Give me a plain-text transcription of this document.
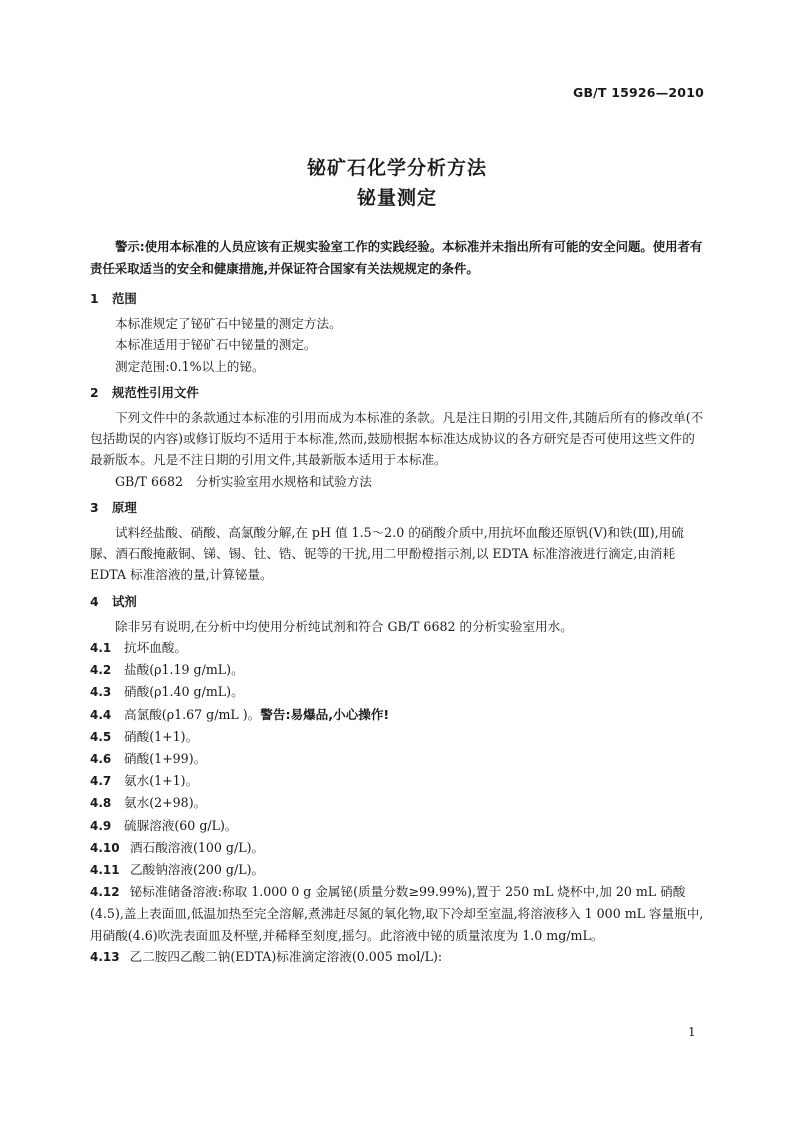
GB/T 15926—2010
铋矿石化学分析方法
铋量测定

警示:使用本标准的人员应该有正规实验室工作的实践经验。本标准并未指出所有可能的安全问题。使用者有责任采取适当的安全和健康措施,并保证符合国家有关法规规定的条件。

1 范围

本标准规定了铋矿石中铋量的测定方法。

本标准适用于铋矿石中铋量的测定。

测定范围:0.1%以上的铋。

2 规范性引用文件

下列文件中的条款通过本标准的引用而成为本标准的条款。凡是注日期的引用文件,其随后所有的修改单(不包括勘误的内容)或修订版均不适用于本标准,然而,鼓励根据本标准达成协议的各方研究是否可使用这些文件的最新版本。凡是不注日期的引用文件,其最新版本适用于本标准。

GB/T 6682　分析实验室用水规格和试验方法

3 原理

试料经盐酸、硝酸、高氯酸分解,在 pH 值 1.5～2.0 的硝酸介质中,用抗坏血酸还原钒(Ⅴ)和铁(Ⅲ),用硫脲、酒石酸掩蔽铜、锑、锡、钍、锆、铌等的干扰,用二甲酚橙指示剂,以 EDTA 标准溶液进行滴定,由消耗 EDTA 标准溶液的量,计算铋量。

4 试剂

除非另有说明,在分析中均使用分析纯试剂和符合 GB/T 6682 的分析实验室用水。

4.1 抗坏血酸。

4.2 盐酸(ρ1.19 g/mL)。

4.3 硝酸(ρ1.40 g/mL)。

4.4 高氯酸(ρ1.67 g/mL )。警告:易爆品,小心操作!

4.5 硝酸(1+1)。

4.6 硝酸(1+99)。

4.7 氨水(1+1)。

4.8 氨水(2+98)。

4.9 硫脲溶液(60 g/L)。

4.10 酒石酸溶液(100 g/L)。

4.11 乙酸钠溶液(200 g/L)。

4.12 铋标准储备溶液:称取 1.000 0 g 金属铋(质量分数≥99.99%),置于 250 mL 烧杯中,加 20 mL 硝酸(4.5),盖上表面皿,低温加热至完全溶解,煮沸赶尽氮的氧化物,取下冷却至室温,将溶液移入 1 000 mL 容量瓶中,用硝酸(4.6)吹洗表面皿及杯壁,并稀释至刻度,摇匀。此溶液中铋的质量浓度为 1.0 mg/mL。

4.13 乙二胺四乙酸二钠(EDTA)标准滴定溶液(0.005 mol/L):

1
